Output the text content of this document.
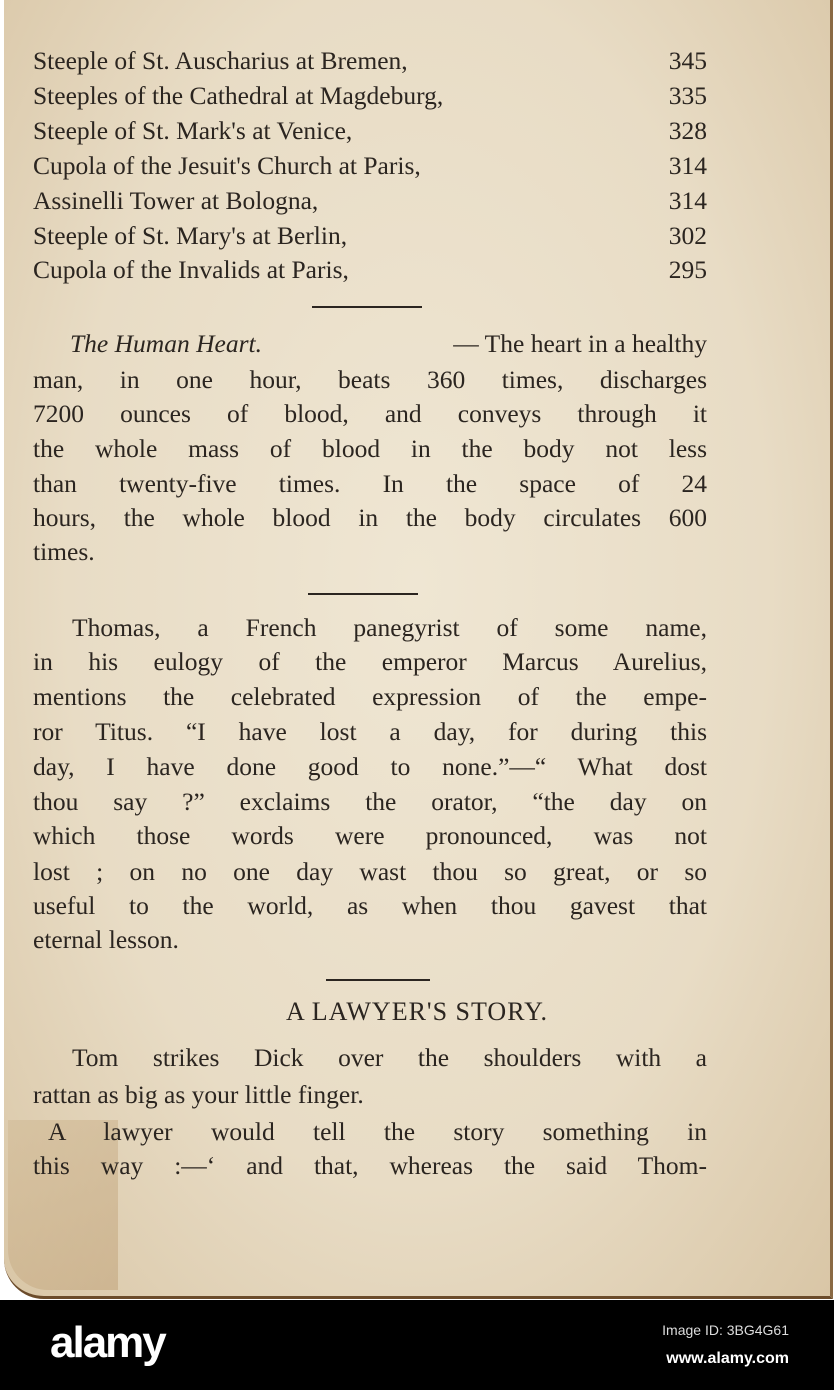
Steeple of St. Auscharius at Bremen,	345
Steeples of the Cathedral at Magdeburg,	335
Steeple of St. Mark's at Venice,	328
Cupola of the Jesuit's Church at Paris,	314
Assinelli Tower at Bologna,	314
Steeple of St. Mary's at Berlin,	302
Cupola of the Invalids at Paris,	295
The Human Heart.	— The heart in a healthy
man, in one hour, beats 360 times, discharges
7200 ounces of blood, and conveys through it
the whole mass of blood in the body not less
than twenty-five times. In the space of 24
hours, the whole blood in the body circulates 600
times.
Thomas, a French panegyrist of some name,
in his eulogy of the emperor Marcus Aurelius,
mentions the celebrated expression of the empe-
ror Titus. “I have lost a day, for during this
day, I have done good to none.”—“ What dost
thou say ?” exclaims the orator, “the day on
which those words were pronounced, was not
lost ; on no one day wast thou so great, or so
useful to the world, as when thou gavest that
eternal lesson.
A LAWYER'S STORY.
Tom strikes Dick over the shoulders with a
rattan as big as your little finger.
A lawyer would tell the story something in
this way :—‘ and that, whereas the said Thom-
alamy	Image ID: 3BG4G61
www.alamy.com
